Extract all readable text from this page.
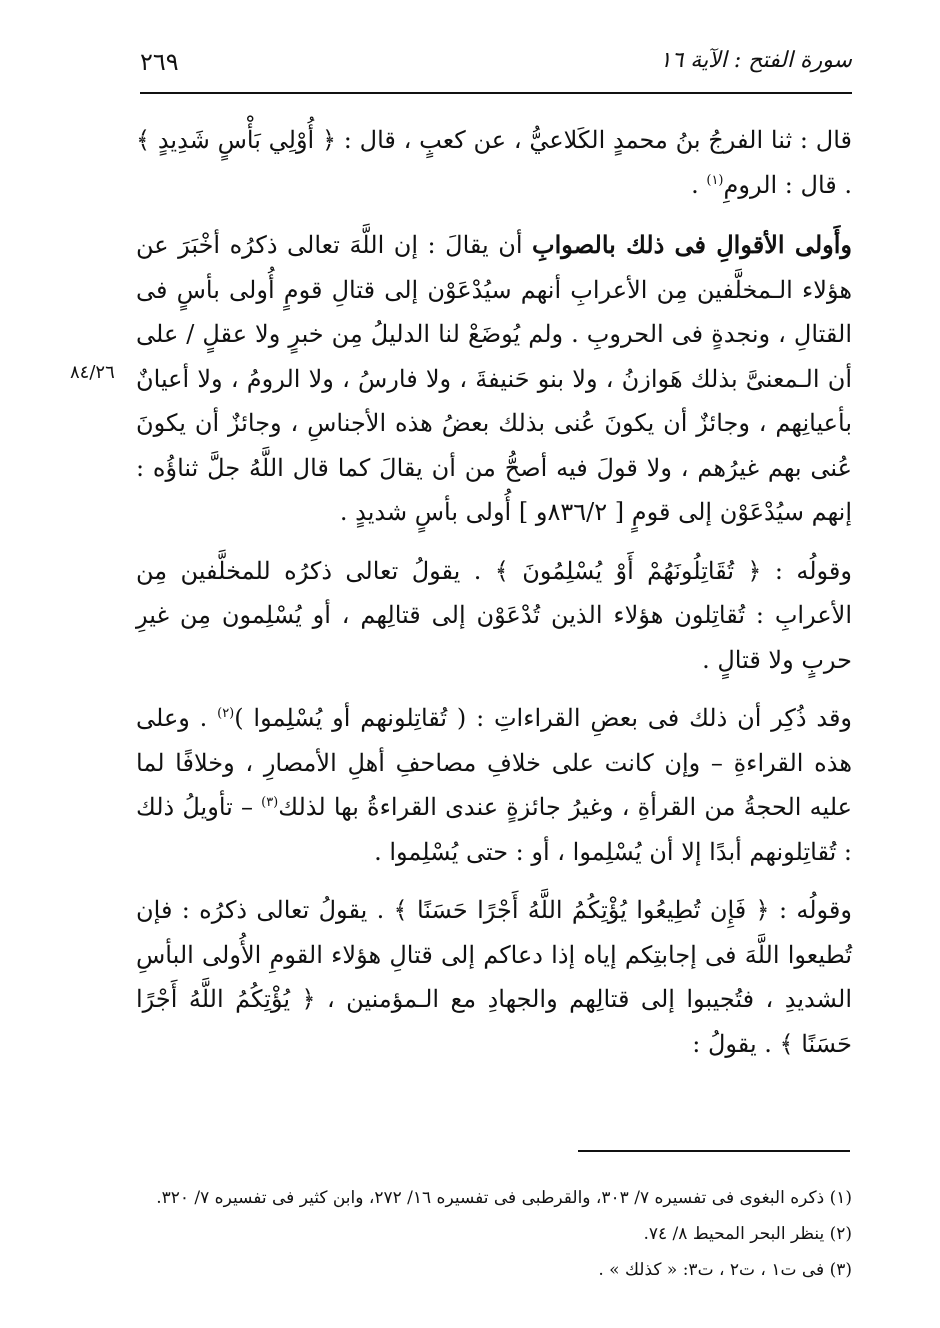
٢٦٩	سورة الفتح : الآية ١٦
٨٤/٢٦

قال : ثنا الفرجُ بنُ محمدٍ الكَلاعيُّ ، عن كعبٍ ، قال : ﴿ أُوْلِي بَأْسٍ شَدِيدٍ ﴾ . قال : الرومِ$^{(١)}$ .

وأَولى الأقوالِ فى ذلك بالصوابِ أن يقالَ : إن اللَّهَ تعالى ذكرُه أخْبَرَ عن هؤلاء الـمخلَّفين مِن الأعرابِ أنهم سيُدْعَوْن إلى قتالِ قومٍ أُولى بأسٍ فى القتالِ ، ونجدةٍ فى الحروبِ . ولم يُوضَعْ لنا الدليلُ مِن خبرٍ ولا عقلٍ / على أن الـمعنىَّ بذلك هَوازنُ ، ولا بنو حَنيفةَ ، ولا فارسُ ، ولا الرومُ ، ولا أعيانٌ بأعيانِهم ، وجائزٌ أن يكونَ عُنى بذلك بعضُ هذه الأجناسِ ، وجائزٌ أن يكونَ عُنى بهم غيرُهم ، ولا قولَ فيه أصحُّ من أن يقالَ كما قال اللَّهُ جلَّ ثناؤُه : إنهم سيُدْعَوْن إلى قومٍ [ ٨٣٦/٢و ] أُولى بأسٍ شديدٍ .

وقولُه : ﴿ تُقَاتِلُونَهُمْ أَوْ يُسْلِمُونَ ﴾ . يقولُ تعالى ذكرُه للمخلَّفين مِن الأعرابِ : تُقاتِلون هؤلاء الذين تُدْعَوْن إلى قتالِهم ، أو يُسْلِمون مِن غيرِ حربٍ ولا قتالٍ .

وقد ذُكِر أن ذلك فى بعضِ القراءاتِ : ( تُقاتِلونهم أو يُسْلِموا )$^{(٢)}$ . وعلى هذه القراءةِ – وإن كانت على خلافِ مصاحفِ أهلِ الأمصارِ ، وخلافًا لما عليه الحجةُ من القرأةِ ، وغيرُ جائزةٍ عندى القراءةُ بها لذلك$^{(٣)}$ – تأويلُ ذلك : تُقاتِلونهم أبدًا إلا أن يُسْلِموا ، أو : حتى يُسْلِموا .

وقولُه : ﴿ فَإِن تُطِيعُوا يُؤْتِكُمُ اللَّهُ أَجْرًا حَسَنًا ﴾ . يقولُ تعالى ذكرُه : فإن تُطيعوا اللَّهَ فى إجابتِكم إياه إذا دعاكم إلى قتالِ هؤلاء القومِ الأُولى البأسِ الشديدِ ، فتُجيبوا إلى قتالِهم والجهادِ مع الـمؤمنين ، ﴿ يُؤْتِكُمُ اللَّهُ أَجْرًا حَسَنًا ﴾ . يقولُ :

(١) ذكره البغوى فى تفسيره ٧/ ٣٠٣، والقرطبى فى تفسيره ١٦/ ٢٧٢، وابن كثير فى تفسيره ٧/ ٣٢٠.

(٢) ينظر البحر المحيط ٨/ ٧٤.

(٣) فى ت١ ، ت٢ ، ت٣: « كذلك » .
